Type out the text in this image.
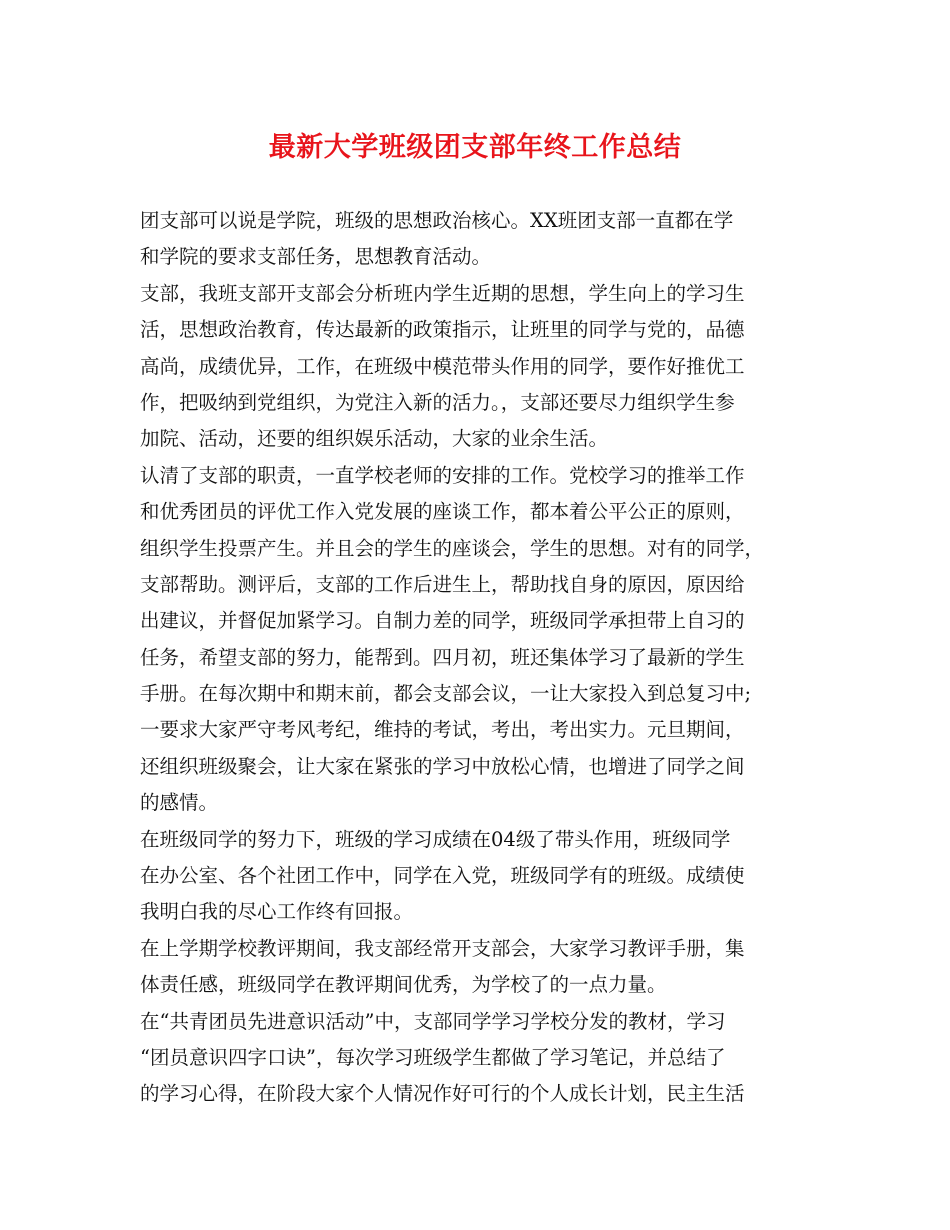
最新大学班级团支部年终工作总结
团支部可以说是学院，班级的思想政治核心。XX班团支部一直都在学
和学院的要求支部任务，思想教育活动。
支部，我班支部开支部会分析班内学生近期的思想，学生向上的学习生
活，思想政治教育，传达最新的政策指示，让班里的同学与党的，品德
高尚，成绩优异，工作，在班级中模范带头作用的同学，要作好推优工
作，把吸纳到党组织，为党注入新的活力。，支部还要尽力组织学生参
加院、活动，还要的组织娱乐活动，大家的业余生活。
认清了支部的职责，一直学校老师的安排的工作。党校学习的推举工作
和优秀团员的评优工作入党发展的座谈工作，都本着公平公正的原则，
组织学生投票产生。并且会的学生的座谈会，学生的思想。对有的同学，
支部帮助。测评后，支部的工作后进生上，帮助找自身的原因，原因给
出建议，并督促加紧学习。自制力差的同学，班级同学承担带上自习的
任务，希望支部的努力，能帮到。四月初，班还集体学习了最新的学生
手册。在每次期中和期末前，都会支部会议，一让大家投入到总复习中;
一要求大家严守考风考纪，维持的考试，考出，考出实力。元旦期间，
还组织班级聚会，让大家在紧张的学习中放松心情，也增进了同学之间
的感情。
在班级同学的努力下，班级的学习成绩在04级了带头作用，班级同学
在办公室、各个社团工作中，同学在入党，班级同学有的班级。成绩使
我明白我的尽心工作终有回报。
在上学期学校教评期间，我支部经常开支部会，大家学习教评手册，集
体责任感，班级同学在教评期间优秀，为学校了的一点力量。
在“共青团员先进意识活动”中，支部同学学习学校分发的教材，学习
“团员意识四字口诀”，每次学习班级学生都做了学习笔记，并总结了
的学习心得，在阶段大家个人情况作好可行的个人成长计划，民主生活
